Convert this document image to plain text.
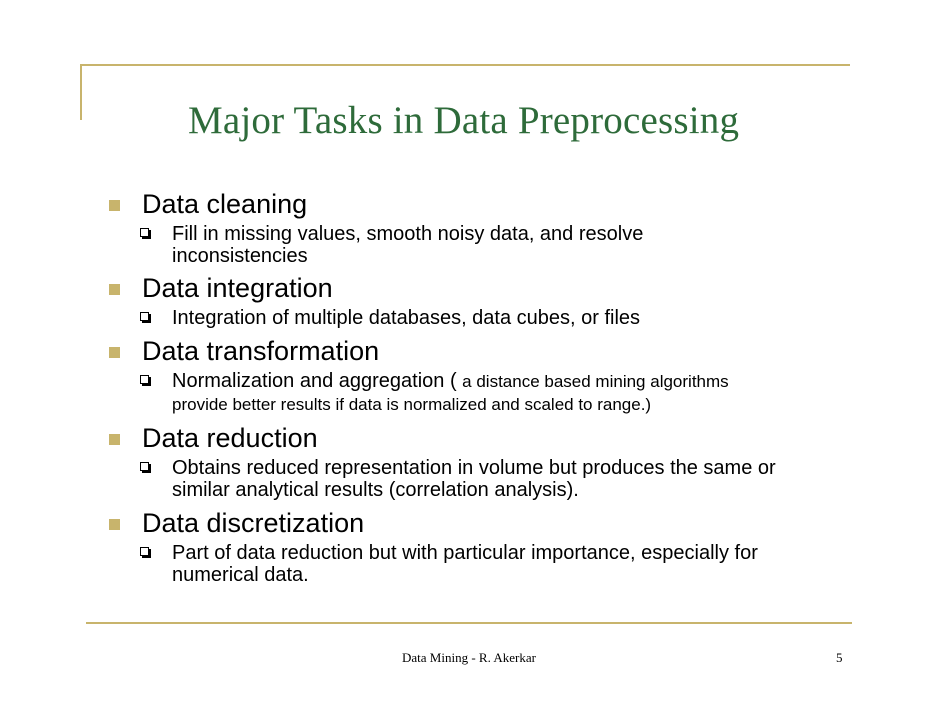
Major Tasks in Data Preprocessing
Data cleaning
Fill in missing values, smooth noisy data, and resolve
inconsistencies
Data integration
Integration of multiple databases, data cubes, or files
Data transformation
Normalization and aggregation ( a distance based mining algorithms
provide better results if data is normalized and scaled to range.)
Data reduction
Obtains reduced representation in volume but produces the same or
similar analytical results (correlation analysis).
Data discretization
Part of data reduction but with particular importance, especially for
numerical data.
Data Mining - R. Akerkar	5
